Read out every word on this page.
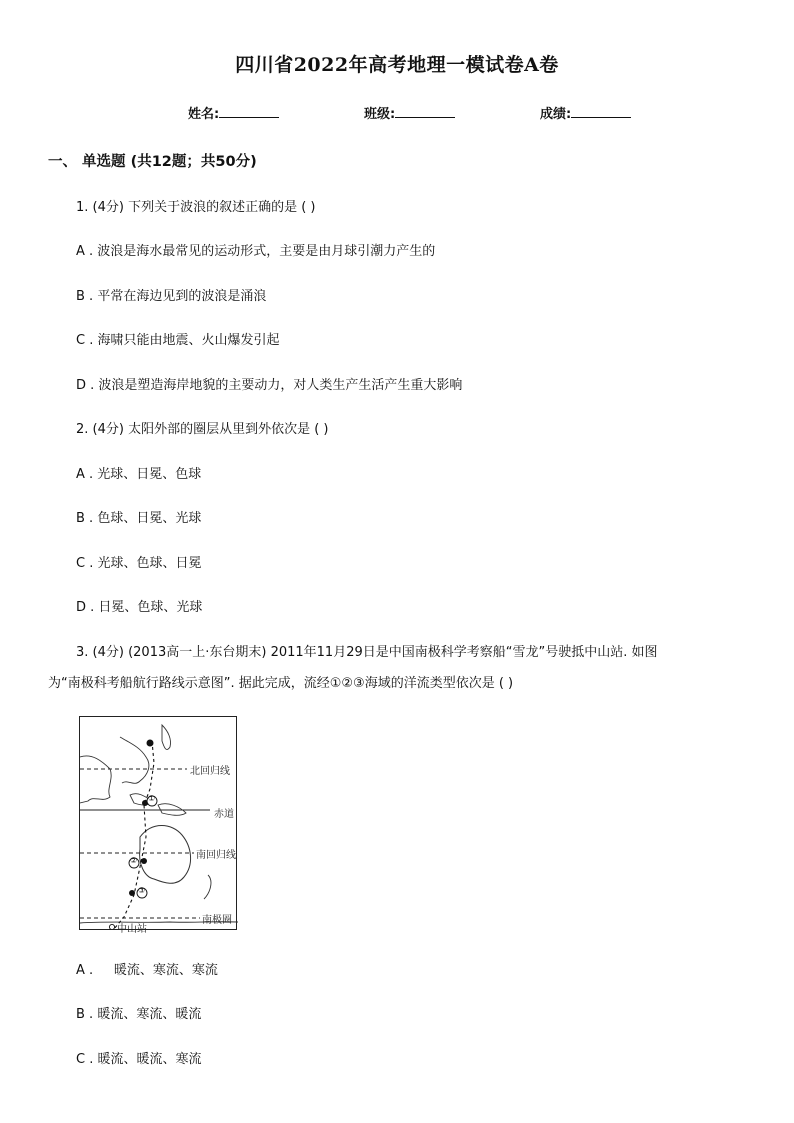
四川省2022年高考地理一模试卷A卷
姓名:	班级:	成绩:
一、 单选题 (共12题；共50分)
1. (4分) 下列关于波浪的叙述正确的是 ( )
A . 波浪是海水最常见的运动形式，主要是由月球引潮力产生的
B . 平常在海边见到的波浪是涌浪
C . 海啸只能由地震、火山爆发引起
D . 波浪是塑造海岸地貌的主要动力，对人类生产生活产生重大影响
2. (4分) 太阳外部的圈层从里到外依次是 ( )
A . 光球、日冕、色球
B . 色球、日冕、光球
C . 光球、色球、日冕
D . 日冕、色球、光球
3. (4分) (2013高一上·东台期末) 2011年11月29日是中国南极科学考察船“雪龙”号驶抵中山站. 如图
为“南极科考船航行路线示意图”. 据此完成，流经①②③海域的洋流类型依次是 ( )
①
②
③
北回归线
赤道
南回归线
南极圈
中山站
A .     暖流、寒流、寒流
B . 暖流、寒流、暖流
C . 暖流、暖流、寒流
